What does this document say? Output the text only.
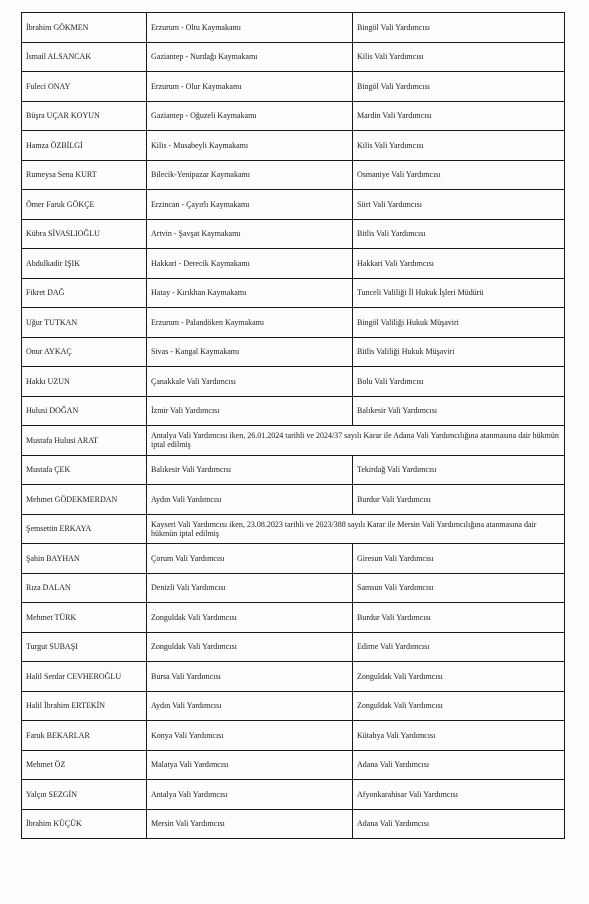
İbrahim GÖKMEN	Erzurum - Oltu Kaymakamı	Bingöl Vali Yardımcısı
İsmail ALSANCAK	Gaziantep - Nurdağı Kaymakamı	Kilis Vali Yardımcısı
Fuleci ONAY	Erzurum - Olur Kaymakamı	Bingöl Vali Yardımcısı
Büşra UÇAR KOYUN	Gaziantep - Oğuzeli Kaymakamı	Mardin Vali Yardımcısı
Hamza ÖZBİLGİ	Kilis - Musabeyli Kaymakamı	Kilis Vali Yardımcısı
Rumeysa Sena KURT	Bilecik-Yenipazar Kaymakamı	Osmaniye Vali Yardımcısı
Ömer Faruk GÖKÇE	Erzincan - Çayırlı Kaymakamı	Siirt Vali Yardımcısı
Kübra SİVASLIOĞLU	Artvin - Şavşat Kaymakamı	Bitlis Vali Yardımcısı
Abdulkadir IŞIK	Hakkari - Derecik Kaymakamı	Hakkari Vali Yardımcısı
Fikret DAĞ	Hatay - Kırıkhan Kaymakamı	Tunceli Valiliği İl Hukuk İşleri Müdürü
Uğur TUTKAN	Erzurum - Palandöken Kaymakamı	Bingöl Valiliği Hukuk Müşaviri
Onur AYKAÇ	Sivas - Kangal Kaymakamı	Bitlis Valiliği Hukuk Müşaviri
Hakkı UZUN	Çanakkale Vali Yardımcısı	Bolu Vali Yardımcısı
Hulusi DOĞAN	İzmir Vali Yardımcısı	Balıkesir Vali Yardımcısı
Mustafa Hulusi ARAT	Antalya Vali Yardımcısı iken, 26.01.2024 tarihli ve 2024/37 sayılı Karar ile Adana Vali Yardımcılığına atanmasına dair hükmün iptal edilmiş	
Mustafa ÇEK	Balıkesir Vali Yardımcısı	Tekirdağ Vali Yardımcısı
Mehmet GÖDEKMERDAN	Aydın Vali Yardımcısı	Burdur Vali Yardımcısı
Şemsettin ERKAYA	Kayseri Vali Yardımcısı iken, 23.08.2023 tarihli ve 2023/388 sayılı Karar ile Mersin Vali Yardımcılığına atanmasına dair hükmün iptal edilmiş	
Şahin BAYHAN	Çorum Vali Yardımcısı	Giresun Vali Yardımcısı
Rıza DALAN	Denizli Vali Yardımcısı	Samsun Vali Yardımcısı
Mehmet TÜRK	Zonguldak Vali Yardımcısı	Burdur Vali Yardımcısı
Turgut SUBAŞI	Zonguldak Vali Yardımcısı	Edirne Vali Yardımcısı
Halil Serdar CEVHEROĞLU	Bursa Vali Yardımcısı	Zonguldak Vali Yardımcısı
Halil İbrahim ERTEKİN	Aydın Vali Yardımcısı	Zonguldak Vali Yardımcısı
Faruk BEKARLAR	Konya Vali Yardımcısı	Kütahya Vali Yardımcısı
Mehmet ÖZ	Malatya Vali Yardımcısı	Adana Vali Yardımcısı
Yalçın SEZGİN	Antalya Vali Yardımcısı	Afyonkarahisar Vali Yardımcısı
İbrahim KÜÇÜK	Mersin Vali Yardımcısı	Adana Vali Yardımcısı
